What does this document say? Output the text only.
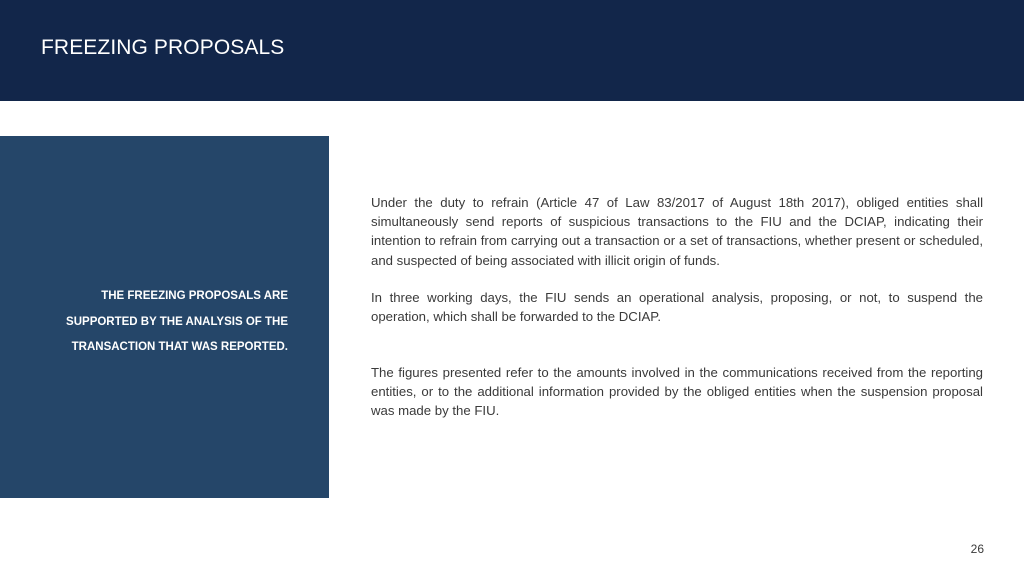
FREEZING PROPOSALS

THE FREEZING PROPOSALS ARE SUPPORTED BY THE ANALYSIS OF THE TRANSACTION THAT WAS REPORTED.

Under the duty to refrain (Article 47 of Law 83/2017 of August 18th 2017), obliged entities shall simultaneously send reports of suspicious transactions to the FIU and the DCIAP, indicating their intention to refrain from carrying out a transaction or a set of transactions, whether present or scheduled, and suspected of being associated with illicit origin of funds.

In three working days, the FIU sends an operational analysis, proposing, or not, to suspend the operation, which shall be forwarded to the DCIAP.

The figures presented refer to the amounts involved in the communications received from the reporting entities, or to the additional information provided by the obliged entities when the suspension proposal was made by the FIU.

26
